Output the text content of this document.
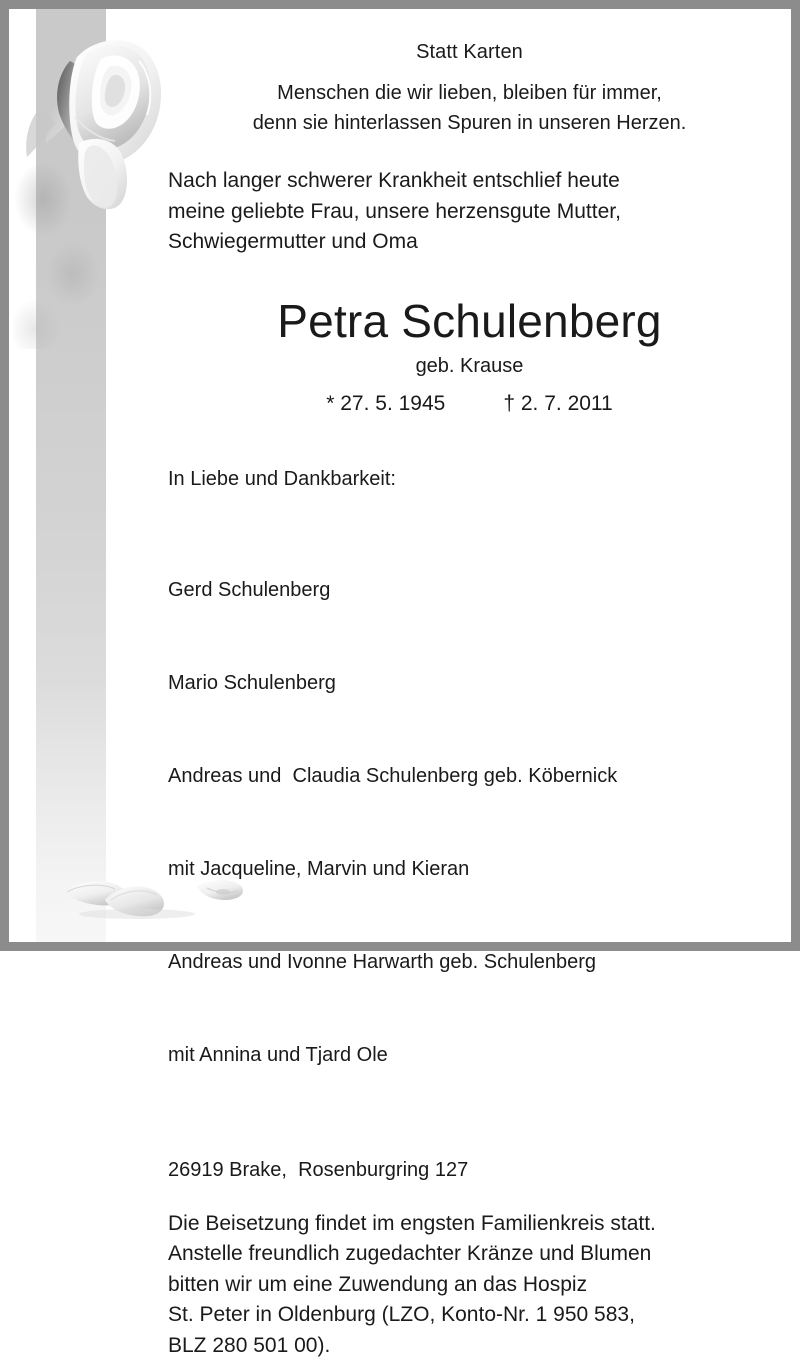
Statt Karten
Menschen die wir lieben, bleiben für immer,
denn sie hinterlassen Spuren in unseren Herzen.
Nach langer schwerer Krankheit entschlief heute
meine geliebte Frau, unsere herzensgute Mutter,
Schwiegermutter und Oma
Petra Schulenberg
geb. Krause
* 27. 5. 1945	† 2. 7. 2011
In Liebe und Dankbarkeit:

Gerd Schulenberg

Mario Schulenberg

Andreas und  Claudia Schulenberg geb. Köbernick

mit Jacqueline, Marvin und Kieran

Andreas und Ivonne Harwarth geb. Schulenberg

mit Annina und Tjard Ole

26919 Brake,  Rosenburgring 127
Die Beisetzung findet im engsten Familienkreis statt.
Anstelle freundlich zugedachter Kränze und Blumen
bitten wir um eine Zuwendung an das Hospiz
St. Peter in Oldenburg (LZO, Konto-Nr. 1 950 583,
BLZ 280 501 00).
